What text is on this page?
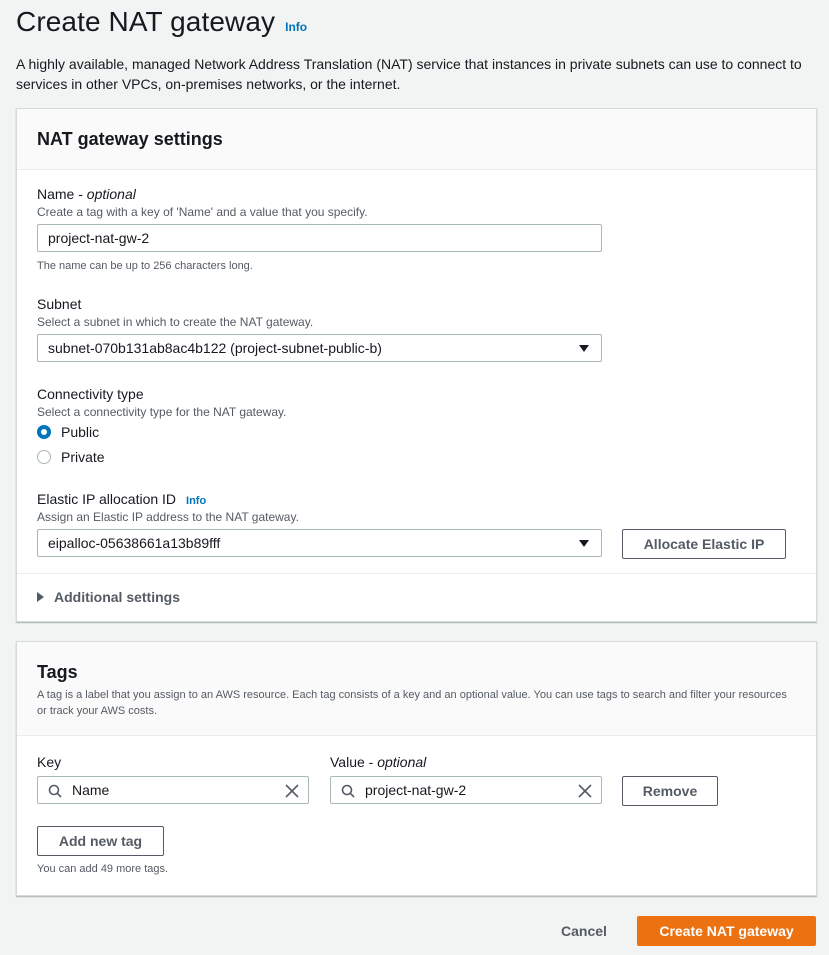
Create NAT gateway Info

A highly available, managed Network Address Translation (NAT) service that instances in private subnets can use to connect to services in other VPCs, on-premises networks, or the internet.

NAT gateway settings
Name - optional
Create a tag with a key of 'Name' and a value that you specify.
project-nat-gw-2
The name can be up to 256 characters long.
Subnet
Select a subnet in which to create the NAT gateway.
subnet-070b131ab8ac4b122 (project-subnet-public-b)
Connectivity type
Select a connectivity type for the NAT gateway.
Public
Private
Elastic IP allocation ID Info
Assign an Elastic IP address to the NAT gateway.
eipalloc-05638661a13b89fff	Allocate Elastic IP
Additional settings
Tags

A tag is a label that you assign to an AWS resource. Each tag consists of a key and an optional value. You can use tags to search and filter your resources or track your AWS costs.

Key	Value - optional
Name	project-nat-gw-2	Remove
Add new tag
You can add 49 more tags.
Cancel	Create NAT gateway
